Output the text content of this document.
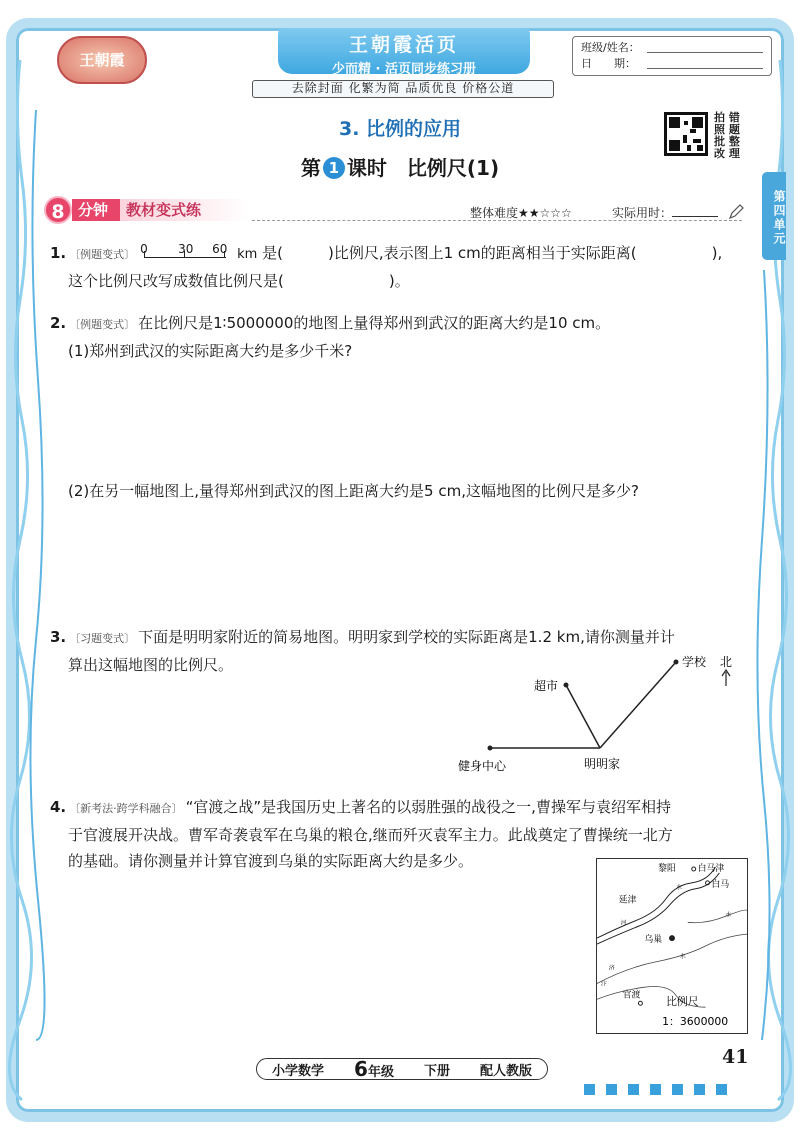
王朝霞
王朝霞活页
少而精 · 活页同步练习册
去除封面 化繁为简 品质优良 价格公道
班级/姓名：
日　　期：
拍 错
照 题
批 整
改 理
第四单元
3. 比例的应用
第 1 课时　比例尺(1)
8 分钟	教材变式练	整体难度★★☆☆☆	实际用时：
1. 〔例题变式〕 0	30 60 km 是(　　　)比例尺,表示图上1 cm的距离相当于实际距离(　　　　　),
这个比例尺改写成数值比例尺是(　　　　　　　)。
2. 〔例题变式〕 在比例尺是1∶5000000的地图上量得郑州到武汉的距离大约是10 cm。
(1)郑州到武汉的实际距离大约是多少千米?
(2)在另一幅地图上,量得郑州到武汉的图上距离大约是5 cm,这幅地图的比例尺是多少?
3. 〔习题变式〕 下面是明明家附近的简易地图。明明家到学校的实际距离是1.2 km,请你测量并计
算出这幅地图的比例尺。	学校 北
超市
健身中心	明明家
4. 〔新考法·跨学科融合〕 “官渡之战”是我国历史上著名的以弱胜强的战役之一,曹操军与袁绍军相持
于官渡展开决战。曹军奇袭袁军在乌巢的粮仓,继而歼灭袁军主力。此战奠定了曹操统一北方
的基础。请你测量并计算官渡到乌巢的实际距离大约是多少。	黎阳 白马津
白马
延津
乌巢
官渡
水
水
水
河
济
汴
比例尺
1：3600000
小学数学 6年级 下册 配人教版
41
